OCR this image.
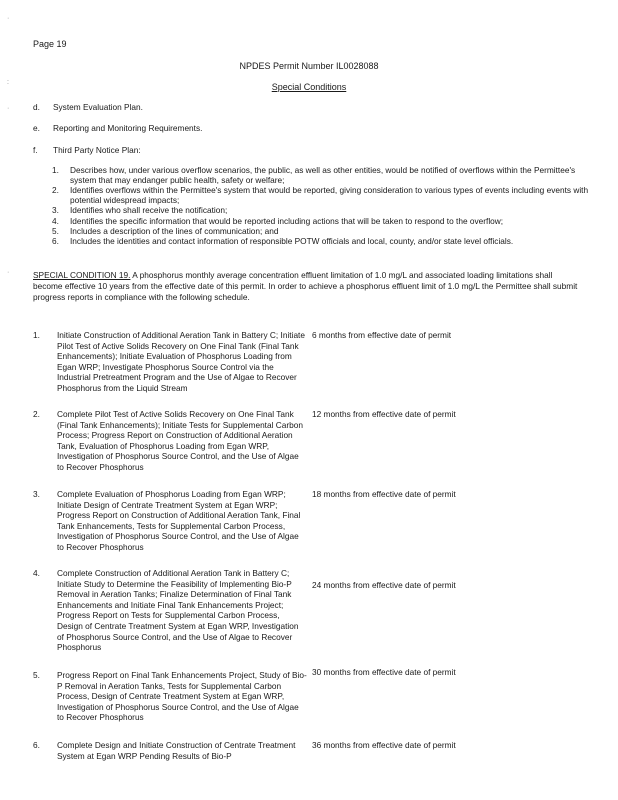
·
:
·
·
Page 19
NPDES Permit Number IL0028088
Special Conditions
d.	System Evaluation Plan.
e.	Reporting and Monitoring Requirements.
f.	Third Party Notice Plan:
1. Describes how, under various overflow scenarios, the public, as well as other entities, would be notified of overflows within the Permittee's system that may endanger public health, safety or welfare;
2. Identifies overflows within the Permittee's system that would be reported, giving consideration to various types of events including events with potential widespread impacts;
3. Identifies who shall receive the notification;
4. Identifies the specific information that would be reported including actions that will be taken to respond to the overflow;
5. Includes a description of the lines of communication; and
6. Includes the identities and contact information of responsible POTW officials and local, county, and/or state level officials.
SPECIAL CONDITION 19. A phosphorus monthly average concentration effluent limitation of 1.0 mg/L and associated loading limitations shall become effective 10 years from the effective date of this permit. In order to achieve a phosphorus effluent limit of 1.0 mg/L the Permittee shall submit progress reports in compliance with the following schedule.
1.	Initiate Construction of Additional Aeration Tank in Battery C; Initiate Pilot Test of Active Solids Recovery on One Final Tank (Final Tank Enhancements); Initiate Evaluation of Phosphorus Loading from Egan WRP; Investigate Phosphorus Source Control via the Industrial Pretreatment Program and the Use of Algae to Recover Phosphorus from the Liquid Stream
6 months from effective date of permit
2.	Complete Pilot Test of Active Solids Recovery on One Final Tank (Final Tank Enhancements); Initiate Tests for Supplemental Carbon Process; Progress Report on Construction of Additional Aeration Tank, Evaluation of Phosphorus Loading from Egan WRP, Investigation of Phosphorus Source Control, and the Use of Algae to Recover Phosphorus
12 months from effective date of permit
3.	Complete Evaluation of Phosphorus Loading from Egan WRP; Initiate Design of Centrate Treatment System at Egan WRP; Progress Report on Construction of Additional Aeration Tank, Final Tank Enhancements, Tests for Supplemental Carbon Process, Investigation of Phosphorus Source Control, and the Use of Algae to Recover Phosphorus
18 months from effective date of permit
4.	Complete Construction of Additional Aeration Tank in Battery C; Initiate Study to Determine the Feasibility of Implementing Bio-P Removal in Aeration Tanks; Finalize Determination of Final Tank Enhancements and Initiate Final Tank Enhancements Project; Progress Report on Tests for Supplemental Carbon Process, Design of Centrate Treatment System at Egan WRP, Investigation of Phosphorus Source Control, and the Use of Algae to Recover Phosphorus
24 months from effective date of permit
5.	Progress Report on Final Tank Enhancements Project, Study of Bio-P Removal in Aeration Tanks, Tests for Supplemental Carbon Process, Design of Centrate Treatment System at Egan WRP, Investigation of Phosphorus Source Control, and the Use of Algae to Recover Phosphorus
30 months from effective date of permit
6.	Complete Design and Initiate Construction of Centrate Treatment System at Egan WRP Pending Results of Bio-P
36 months from effective date of permit
